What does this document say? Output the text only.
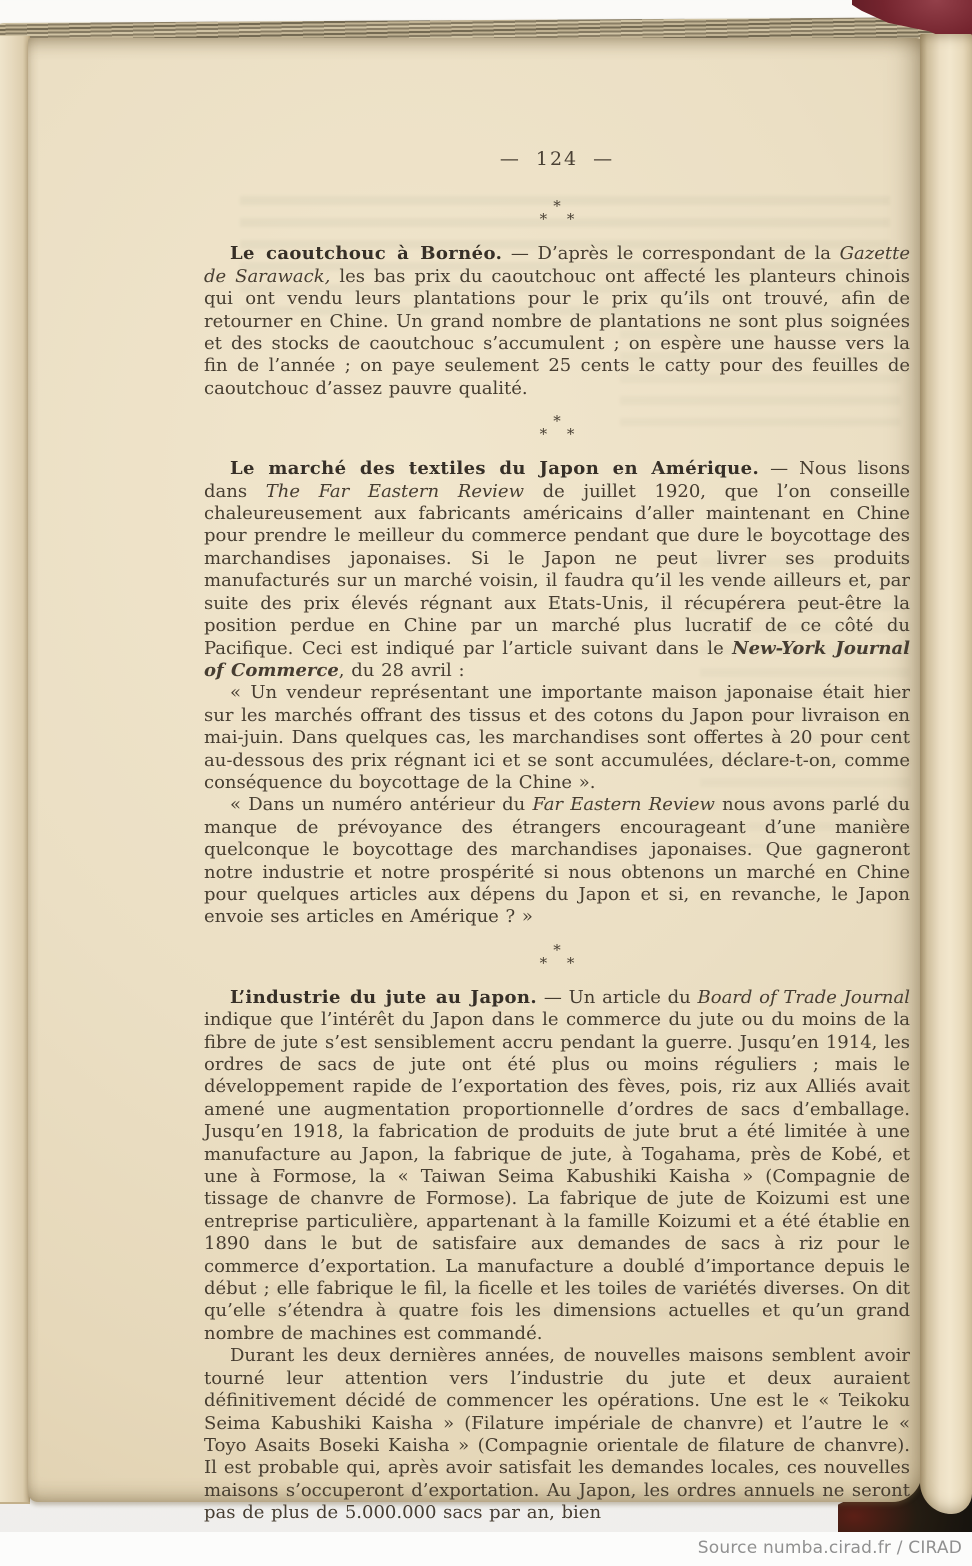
— 124 —
*
* *

Le caoutchouc à Bornéo. — D’après le correspondant de la Gazette de Sarawack, les bas prix du caoutchouc ont affecté les planteurs chinois qui ont vendu leurs plantations pour le prix qu’ils ont trouvé, afin de retourner en Chine. Un grand nombre de plantations ne sont plus soignées et des stocks de caoutchouc s’accumulent ; on espère une hausse vers la fin de l’année ; on paye seulement 25 cents le catty pour des feuilles de caoutchouc d’assez pauvre qualité.

*
* *

Le marché des textiles du Japon en Amérique. — Nous lisons dans The Far Eastern Review de juillet 1920, que l’on conseille chaleureusement aux fabricants américains d’aller maintenant en Chine pour prendre le meilleur du commerce pendant que dure le boycottage des marchandises japonaises. Si le Japon ne peut livrer ses produits manufacturés sur un marché voisin, il faudra qu’il les vende ailleurs et, par suite des prix élevés régnant aux Etats-Unis, il récupérera peut-être la position perdue en Chine par un marché plus lucratif de ce côté du Pacifique. Ceci est indiqué par l’article suivant dans le New-York Journal of Commerce, du 28 avril :

« Un vendeur représentant une importante maison japonaise était hier sur les marchés offrant des tissus et des cotons du Japon pour livraison en mai-juin. Dans quelques cas, les marchandises sont offertes à 20 pour cent au-dessous des prix régnant ici et se sont accumulées, déclare-t-on, comme conséquence du boycottage de la Chine ».

« Dans un numéro antérieur du Far Eastern Review nous avons parlé du manque de prévoyance des étrangers encourageant d’une manière quelconque le boycottage des marchandises japonaises. Que gagneront notre industrie et notre prospérité si nous obtenons un marché en Chine pour quelques articles aux dépens du Japon et si, en revanche, le Japon envoie ses articles en Amérique ? »

*
* *

L’industrie du jute au Japon. — Un article du Board of Trade Journal indique que l’intérêt du Japon dans le commerce du jute ou du moins de la fibre de jute s’est sensiblement accru pendant la guerre. Jusqu’en 1914, les ordres de sacs de jute ont été plus ou moins réguliers ; mais le développement rapide de l’exportation des fèves, pois, riz aux Alliés avait amené une augmentation proportionnelle d’ordres de sacs d’emballage. Jusqu’en 1918, la fabrication de produits de jute brut a été limitée à une manufacture au Japon, la fabrique de jute, à Togahama, près de Kobé, et une à Formose, la « Taiwan Seima Kabushiki Kaisha » (Compagnie de tissage de chanvre de Formose). La fabrique de jute de Koizumi est une entreprise particulière, appartenant à la famille Koizumi et a été établie en 1890 dans le but de satisfaire aux demandes de sacs à riz pour le commerce d’exportation. La manufacture a doublé d’importance depuis le début ; elle fabrique le fil, la ficelle et les toiles de variétés diverses. On dit qu’elle s’étendra à quatre fois les dimensions actuelles et qu’un grand nombre de machines est commandé.

Durant les deux dernières années, de nouvelles maisons semblent avoir tourné leur attention vers l’industrie du jute et deux auraient définitivement décidé de commencer les opérations. Une est le « Teikoku Seima Kabushiki Kaisha » (Filature impériale de chanvre) et l’autre le « Toyo Asaits Boseki Kaisha » (Compagnie orientale de filature de chanvre). Il est probable qui, après avoir satisfait les demandes locales, ces nouvelles maisons s’occuperont d’exportation. Au Japon, les ordres annuels ne seront pas de plus de 5.000.000 sacs par an, bien

Source numba.cirad.fr / CIRAD
